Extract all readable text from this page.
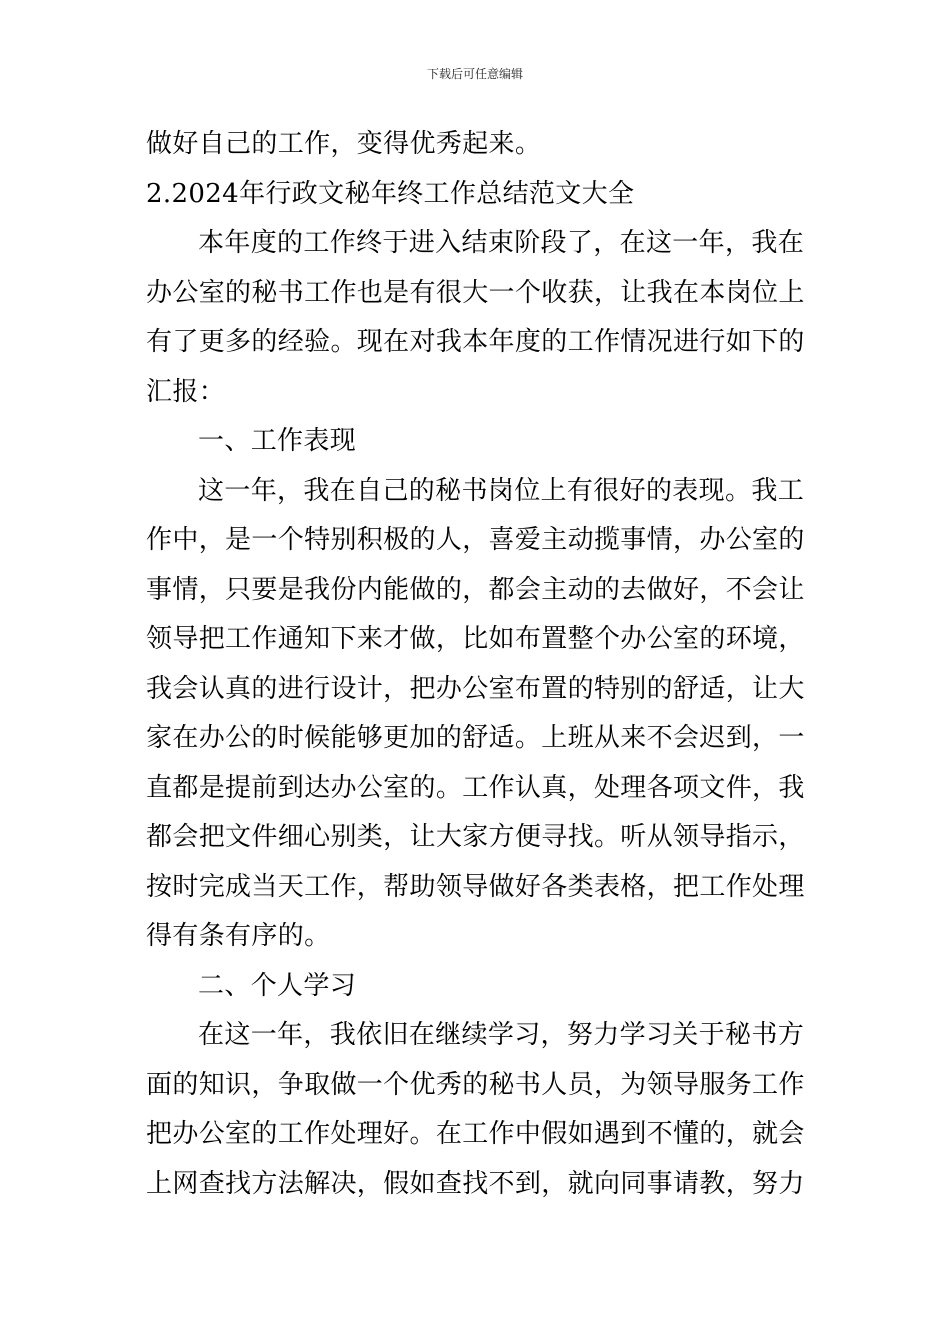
下载后可任意编辑
做好自己的工作，变得优秀起来。
2.2024年行政文秘年终工作总结范文大全
本年度的工作终于进入结束阶段了，在这一年，我在
办公室的秘书工作也是有很大一个收获，让我在本岗位上
有了更多的经验。现在对我本年度的工作情况进行如下的
汇报：
一、工作表现
这一年，我在自己的秘书岗位上有很好的表现。我工
作中，是一个特别积极的人，喜爱主动揽事情，办公室的
事情，只要是我份内能做的，都会主动的去做好，不会让
领导把工作通知下来才做，比如布置整个办公室的环境，
我会认真的进行设计，把办公室布置的特别的舒适，让大
家在办公的时候能够更加的舒适。上班从来不会迟到，一
直都是提前到达办公室的。工作认真，处理各项文件，我
都会把文件细心别类，让大家方便寻找。听从领导指示，
按时完成当天工作，帮助领导做好各类表格，把工作处理
得有条有序的。
二、个人学习
在这一年，我依旧在继续学习，努力学习关于秘书方
面的知识，争取做一个优秀的秘书人员，为领导服务工作
把办公室的工作处理好。在工作中假如遇到不懂的，就会
上网查找方法解决，假如查找不到，就向同事请教，努力
